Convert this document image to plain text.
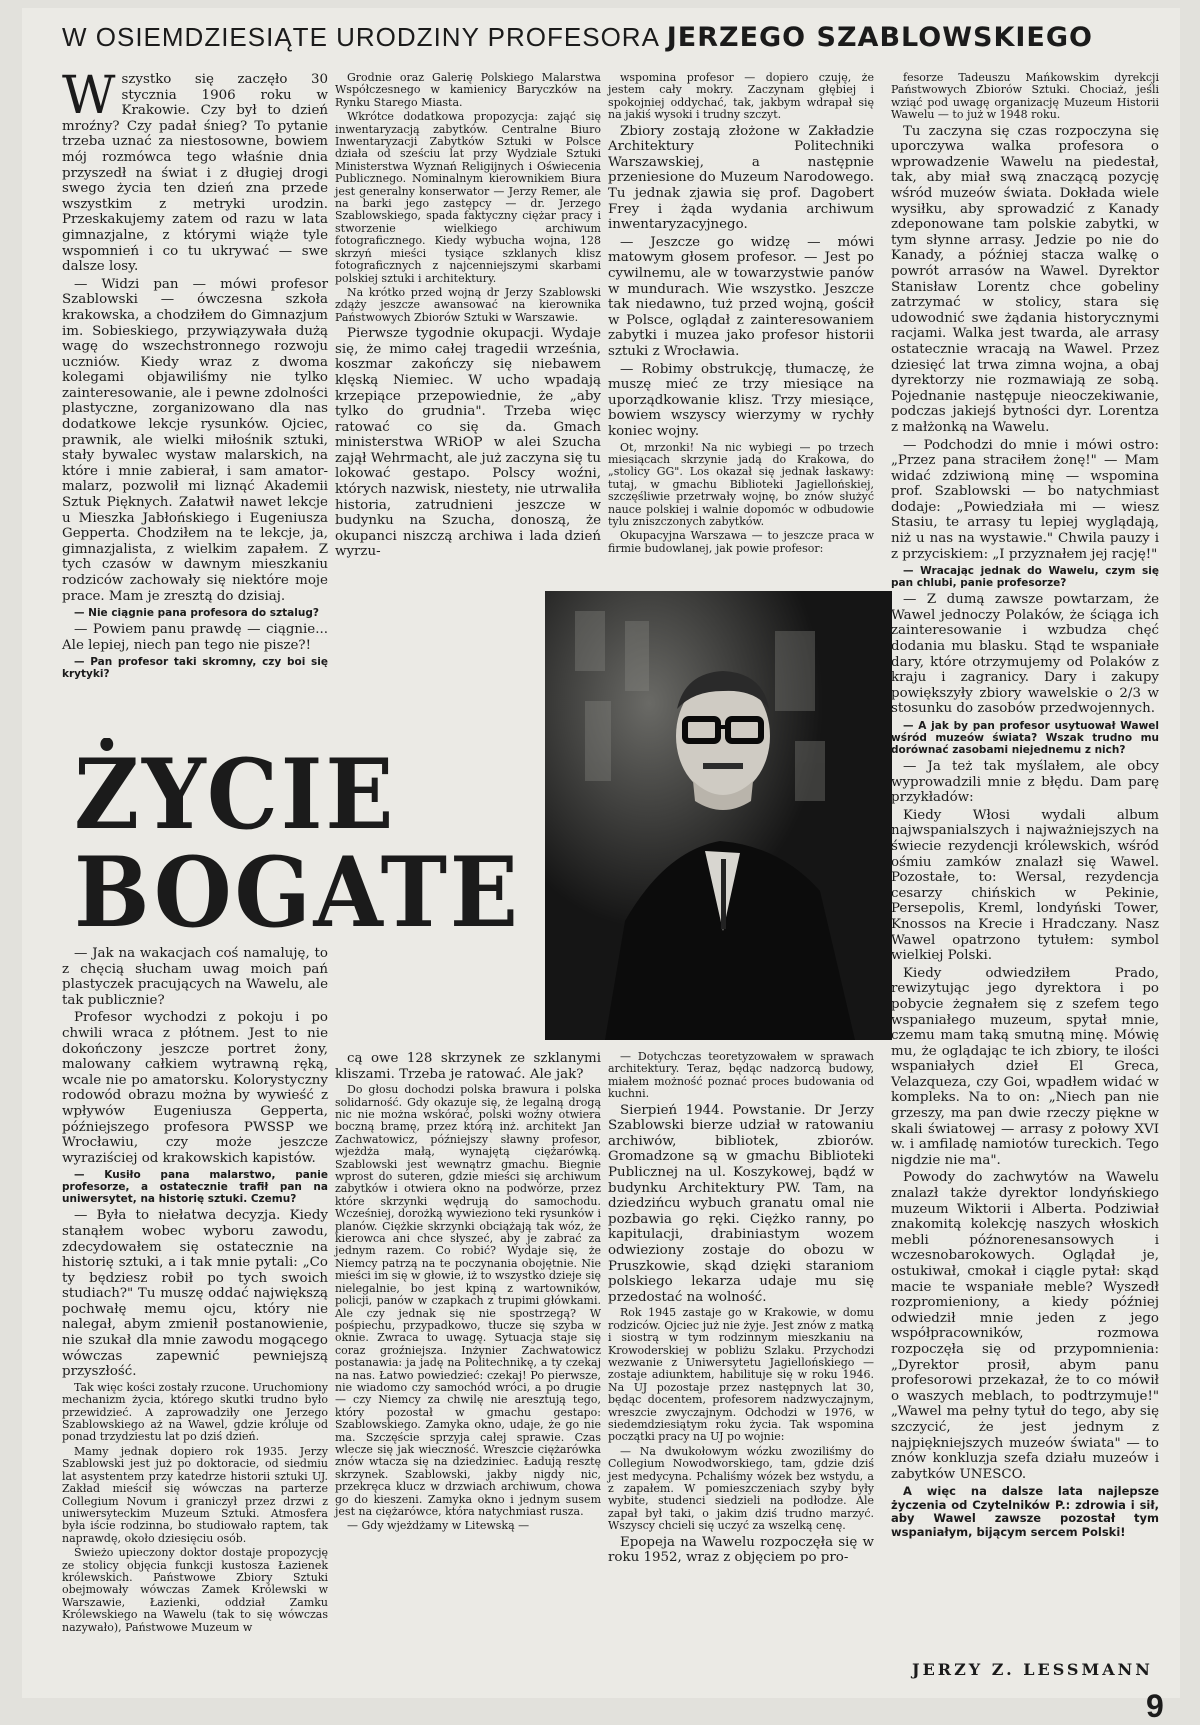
W OSIEMDZIESIĄTE URODZINY PROFESORA JERZEGO SZABLOWSKIEGO

Wszystko się zaczęło 30 stycznia 1906 roku w Krakowie. Czy był to dzień mroźny? Czy padał śnieg? To pytanie trzeba uznać za niestosowne, bowiem mój rozmówca tego właśnie dnia przyszedł na świat i z długiej drogi swego życia ten dzień zna przede wszystkim z metryki urodzin. Przeskakujemy zatem od razu w lata gimnazjalne, z którymi wiąże tyle wspomnień i co tu ukrywać — swe dalsze losy.

— Widzi pan — mówi profesor Szablowski — ówczesna szkoła krakowska, a chodziłem do Gimnazjum im. Sobieskiego, przywiązywała dużą wagę do wszechstronnego rozwoju uczniów. Kiedy wraz z dwoma kolegami objawiliśmy nie tylko zainteresowanie, ale i pewne zdolności plastyczne, zorganizowano dla nas dodatkowe lekcje rysunków. Ojciec, prawnik, ale wielki miłośnik sztuki, stały bywalec wystaw malarskich, na które i mnie zabierał, i sam amator-malarz, pozwolił mi liznąć Akademii Sztuk Pięknych. Załatwił nawet lekcje u Mieszka Jabłońskiego i Eugeniusza Gepperta. Chodziłem na te lekcje, ja, gimnazjalista, z wielkim zapałem. Z tych czasów w dawnym mieszkaniu rodziców zachowały się niektóre moje prace. Mam je zresztą do dzisiaj.

— Nie ciągnie pana profesora do sztalug?

— Powiem panu prawdę — ciągnie... Ale lepiej, niech pan tego nie pisze?!

— Pan profesor taki skromny, czy boi się krytyki?

ŻYCIE
BOGATE

— Jak na wakacjach coś namaluję, to z chęcią słucham uwag moich pań plastyczek pracujących na Wawelu, ale tak publicznie?

Profesor wychodzi z pokoju i po chwili wraca z płótnem. Jest to nie dokończony jeszcze portret żony, malowany całkiem wytrawną ręką, wcale nie po amatorsku. Kolorystyczny rodowód obrazu można by wywieść z wpływów Eugeniusza Gepperta, późniejszego profesora PWSSP we Wrocławiu, czy może jeszcze wyraziściej od krakowskich kapistów.

— Kusiło pana malarstwo, panie profesorze, a ostatecznie trafił pan na uniwersytet, na historię sztuki. Czemu?

— Była to niełatwa decyzja. Kiedy stanąłem wobec wyboru zawodu, zdecydowałem się ostatecznie na historię sztuki, a i tak mnie pytali: „Co ty będziesz robił po tych swoich studiach?" Tu muszę oddać największą pochwałę memu ojcu, który nie nalegał, abym zmienił postanowienie, nie szukał dla mnie zawodu mogącego wówczas zapewnić pewniejszą przyszłość.

Tak więc kości zostały rzucone. Uruchomiony mechanizm życia, którego skutki trudno było przewidzieć. A zaprowadziły one Jerzego Szablowskiego aż na Wawel, gdzie króluje od ponad trzydziestu lat po dziś dzień.

Mamy jednak dopiero rok 1935. Jerzy Szablowski jest już po doktoracie, od siedmiu lat asystentem przy katedrze historii sztuki UJ. Zakład mieścił się wówczas na parterze Collegium Novum i graniczył przez drzwi z uniwersyteckim Muzeum Sztuki. Atmosfera była iście rodzinna, bo studiowało raptem, tak naprawdę, około dziesięciu osób.

Świeżo upieczony doktor dostaje propozycję ze stolicy objęcia funkcji kustosza Łazienek królewskich. Państwowe Zbiory Sztuki obejmowały wówczas Zamek Królewski w Warszawie, Łazienki, oddział Zamku Królewskiego na Wawelu (tak to się wówczas nazywało), Państwowe Muzeum w

Grodnie oraz Galerię Polskiego Malarstwa Współczesnego w kamienicy Baryczków na Rynku Starego Miasta.

Wkrótce dodatkowa propozycja: zająć się inwentaryzacją zabytków. Centralne Biuro Inwentaryzacji Zabytków Sztuki w Polsce działa od sześciu lat przy Wydziale Sztuki Ministerstwa Wyznań Religijnych i Oświecenia Publicznego. Nominalnym kierownikiem Biura jest generalny konserwator — Jerzy Remer, ale na barki jego zastępcy — dr. Jerzego Szablowskiego, spada faktyczny ciężar pracy i stworzenie wielkiego archiwum fotograficznego. Kiedy wybucha wojna, 128 skrzyń mieści tysiące szklanych klisz fotograficznych z najcenniejszymi skarbami polskiej sztuki i architektury.

Na krótko przed wojną dr Jerzy Szablowski zdąży jeszcze awansować na kierownika Państwowych Zbiorów Sztuki w Warszawie.

Pierwsze tygodnie okupacji. Wydaje się, że mimo całej tragedii września, koszmar zakończy się niebawem klęską Niemiec. W ucho wpadają krzepiące przepowiednie, że „aby tylko do grudnia". Trzeba więc ratować co się da. Gmach ministerstwa WRiOP w alei Szucha zajął Wehrmacht, ale już zaczyna się tu lokować gestapo. Polscy woźni, których nazwisk, niestety, nie utrwaliła historia, zatrudnieni jeszcze w budynku na Szucha, donoszą, że okupanci niszczą archiwa i lada dzień wyrzu-

cą owe 128 skrzynek ze szklanymi kliszami. Trzeba je ratować. Ale jak?

Do głosu dochodzi polska brawura i polska solidarność. Gdy okazuje się, że legalną drogą nic nie można wskórać, polski woźny otwiera boczną bramę, przez którą inż. architekt Jan Zachwatowicz, późniejszy sławny profesor, wjeżdża małą, wynajętą ciężarówką. Szablowski jest wewnątrz gmachu. Biegnie wprost do suteren, gdzie mieści się archiwum zabytków i otwiera okno na podwórze, przez które skrzynki wędrują do samochodu. Wcześniej, dorożką wywieziono teki rysunków i planów. Ciężkie skrzynki obciążają tak wóz, że kierowca ani chce słyszeć, aby je zabrać za jednym razem. Co robić? Wydaje się, że Niemcy patrzą na te poczynania obojętnie. Nie mieści im się w głowie, iż to wszystko dzieje się nielegalnie, bo jest kpiną z wartowników, policji, panów w czapkach z trupimi główkami. Ale czy jednak się nie spostrzegą? W pośpiechu, przypadkowo, tłucze się szyba w oknie. Zwraca to uwagę. Sytuacja staje się coraz groźniejsza. Inżynier Zachwatowicz postanawia: ja jadę na Politechnikę, a ty czekaj na nas. Łatwo powiedzieć: czekaj! Po pierwsze, nie wiadomo czy samochód wróci, a po drugie — czy Niemcy za chwilę nie aresztują tego, który pozostał w gmachu gestapo: Szablowskiego. Zamyka okno, udaje, że go nie ma. Szczęście sprzyja całej sprawie. Czas wlecze się jak wieczność. Wreszcie ciężarówka znów wtacza się na dziedziniec. Ładują resztę skrzynek. Szablowski, jakby nigdy nic, przekręca klucz w drzwiach archiwum, chowa go do kieszeni. Zamyka okno i jednym susem jest na ciężarówce, która natychmiast rusza.

— Gdy wjeżdżamy w Litewską —

wspomina profesor — dopiero czuję, że jestem cały mokry. Zaczynam głębiej i spokojniej oddychać, tak, jakbym wdrapał się na jakiś wysoki i trudny szczyt.

Zbiory zostają złożone w Zakładzie Architektury Politechniki Warszawskiej, a następnie przeniesione do Muzeum Narodowego. Tu jednak zjawia się prof. Dagobert Frey i żąda wydania archiwum inwentaryzacyjnego.

— Jeszcze go widzę — mówi matowym głosem profesor. — Jest po cywilnemu, ale w towarzystwie panów w mundurach. Wie wszystko. Jeszcze tak niedawno, tuż przed wojną, gościł w Polsce, oglądał z zainteresowaniem zabytki i muzea jako profesor historii sztuki z Wrocławia.

— Robimy obstrukcję, tłumaczę, że muszę mieć ze trzy miesiące na uporządkowanie klisz. Trzy miesiące, bowiem wszyscy wierzymy w rychły koniec wojny.

Ot, mrzonki! Na nic wybiegi — po trzech miesiącach skrzynie jadą do Krakowa, do „stolicy GG". Los okazał się jednak łaskawy: tutaj, w gmachu Biblioteki Jagiellońskiej, szczęśliwie przetrwały wojnę, bo znów służyć nauce polskiej i walnie dopomóc w odbudowie tylu zniszczonych zabytków.

Okupacyjna Warszawa — to jeszcze praca w firmie budowlanej, jak powie profesor:

— Dotychczas teoretyzowałem w sprawach architektury. Teraz, będąc nadzorcą budowy, miałem możność poznać proces budowania od kuchni.

Sierpień 1944. Powstanie. Dr Jerzy Szablowski bierze udział w ratowaniu archiwów, bibliotek, zbiorów. Gromadzone są w gmachu Biblioteki Publicznej na ul. Koszykowej, bądź w budynku Architektury PW. Tam, na dziedzińcu wybuch granatu omal nie pozbawia go ręki. Ciężko ranny, po kapitulacji, drabiniastym wozem odwieziony zostaje do obozu w Pruszkowie, skąd dzięki staraniom polskiego lekarza udaje mu się przedostać na wolność.

Rok 1945 zastaje go w Krakowie, w domu rodziców. Ojciec już nie żyje. Jest znów z matką i siostrą w tym rodzinnym mieszkaniu na Krowoderskiej w pobliżu Szlaku. Przychodzi wezwanie z Uniwersytetu Jagiellońskiego — zostaje adiunktem, habilituje się w roku 1946. Na UJ pozostaje przez następnych lat 30, będąc docentem, profesorem nadzwyczajnym, wreszcie zwyczajnym. Odchodzi w 1976, w siedemdziesiątym roku życia. Tak wspomina początki pracy na UJ po wojnie:

— Na dwukołowym wózku zwoziliśmy do Collegium Nowodworskiego, tam, gdzie dziś jest medycyna. Pchaliśmy wózek bez wstydu, a z zapałem. W pomieszczeniach szyby były wybite, studenci siedzieli na podłodze. Ale zapał był taki, o jakim dziś trudno marzyć. Wszyscy chcieli się uczyć za wszelką cenę.

Epopeja na Wawelu rozpoczęła się w roku 1952, wraz z objęciem po pro-

fesorze Tadeuszu Mańkowskim dyrekcji Państwowych Zbiorów Sztuki. Chociaż, jeśli wziąć pod uwagę organizację Muzeum Historii Wawelu — to już w 1948 roku.

Tu zaczyna się czas rozpoczyna się uporczywa walka profesora o wprowadzenie Wawelu na piedestał, tak, aby miał swą znaczącą pozycję wśród muzeów świata. Dokłada wiele wysiłku, aby sprowadzić z Kanady zdeponowane tam polskie zabytki, w tym słynne arrasy. Jedzie po nie do Kanady, a później stacza walkę o powrót arrasów na Wawel. Dyrektor Stanisław Lorentz chce gobeliny zatrzymać w stolicy, stara się udowodnić swe żądania historycznymi racjami. Walka jest twarda, ale arrasy ostatecznie wracają na Wawel. Przez dziesięć lat trwa zimna wojna, a obaj dyrektorzy nie rozmawiają ze sobą. Pojednanie następuje nieoczekiwanie, podczas jakiejś bytności dyr. Lorentza z małżonką na Wawelu.

— Podchodzi do mnie i mówi ostro: „Przez pana straciłem żonę!" — Mam widać zdziwioną minę — wspomina prof. Szablowski — bo natychmiast dodaje: „Powiedziała mi — wiesz Stasiu, te arrasy tu lepiej wyglądają, niż u nas na wystawie." Chwila pauzy i z przyciskiem: „I przyznałem jej rację!"

— Wracając jednak do Wawelu, czym się pan chlubi, panie profesorze?

— Z dumą zawsze powtarzam, że Wawel jednoczy Polaków, że ściąga ich zainteresowanie i wzbudza chęć dodania mu blasku. Stąd te wspaniałe dary, które otrzymujemy od Polaków z kraju i zagranicy. Dary i zakupy powiększyły zbiory wawelskie o 2/3 w stosunku do zasobów przedwojennych.

— A jak by pan profesor usytuował Wawel wśród muzeów świata? Wszak trudno mu dorównać zasobami niejednemu z nich?

— Ja też tak myślałem, ale obcy wyprowadzili mnie z błędu. Dam parę przykładów:

Kiedy Włosi wydali album najwspanialszych i najważniejszych na świecie rezydencji królewskich, wśród ośmiu zamków znalazł się Wawel. Pozostałe, to: Wersal, rezydencja cesarzy chińskich w Pekinie, Persepolis, Kreml, londyński Tower, Knossos na Krecie i Hradczany. Nasz Wawel opatrzono tytułem: symbol wielkiej Polski.

Kiedy odwiedziłem Prado, rewizytując jego dyrektora i po pobycie żegnałem się z szefem tego wspaniałego muzeum, spytał mnie, czemu mam taką smutną minę. Mówię mu, że oglądając te ich zbiory, te ilości wspaniałych dzieł El Greca, Velazqueza, czy Goi, wpadłem widać w kompleks. Na to on: „Niech pan nie grzeszy, ma pan dwie rzeczy piękne w skali światowej — arrasy z połowy XVI w. i amfiladę namiotów tureckich. Tego nigdzie nie ma".

Powody do zachwytów na Wawelu znalazł także dyrektor londyńskiego muzeum Wiktorii i Alberta. Podziwiał znakomitą kolekcję naszych włoskich mebli późnorenesansowych i wczesnobarokowych. Oglądał je, ostukiwał, cmokał i ciągle pytał: skąd macie te wspaniałe meble? Wyszedł rozpromieniony, a kiedy później odwiedził mnie jeden z jego współpracowników, rozmowa rozpoczęła się od przypomnienia: „Dyrektor prosił, abym panu profesorowi przekazał, że to co mówił o waszych meblach, to podtrzymuje!" „Wawel ma pełny tytuł do tego, aby się szczycić, że jest jednym z najpiękniejszych muzeów świata" — to znów konkluzja szefa działu muzeów i zabytków UNESCO.

A więc na dalsze lata najlepsze życzenia od Czytelników P.: zdrowia i sił, aby Wawel zawsze pozostał tym wspaniałym, bijącym sercem Polski!

JERZY Z. LESSMANN
9
